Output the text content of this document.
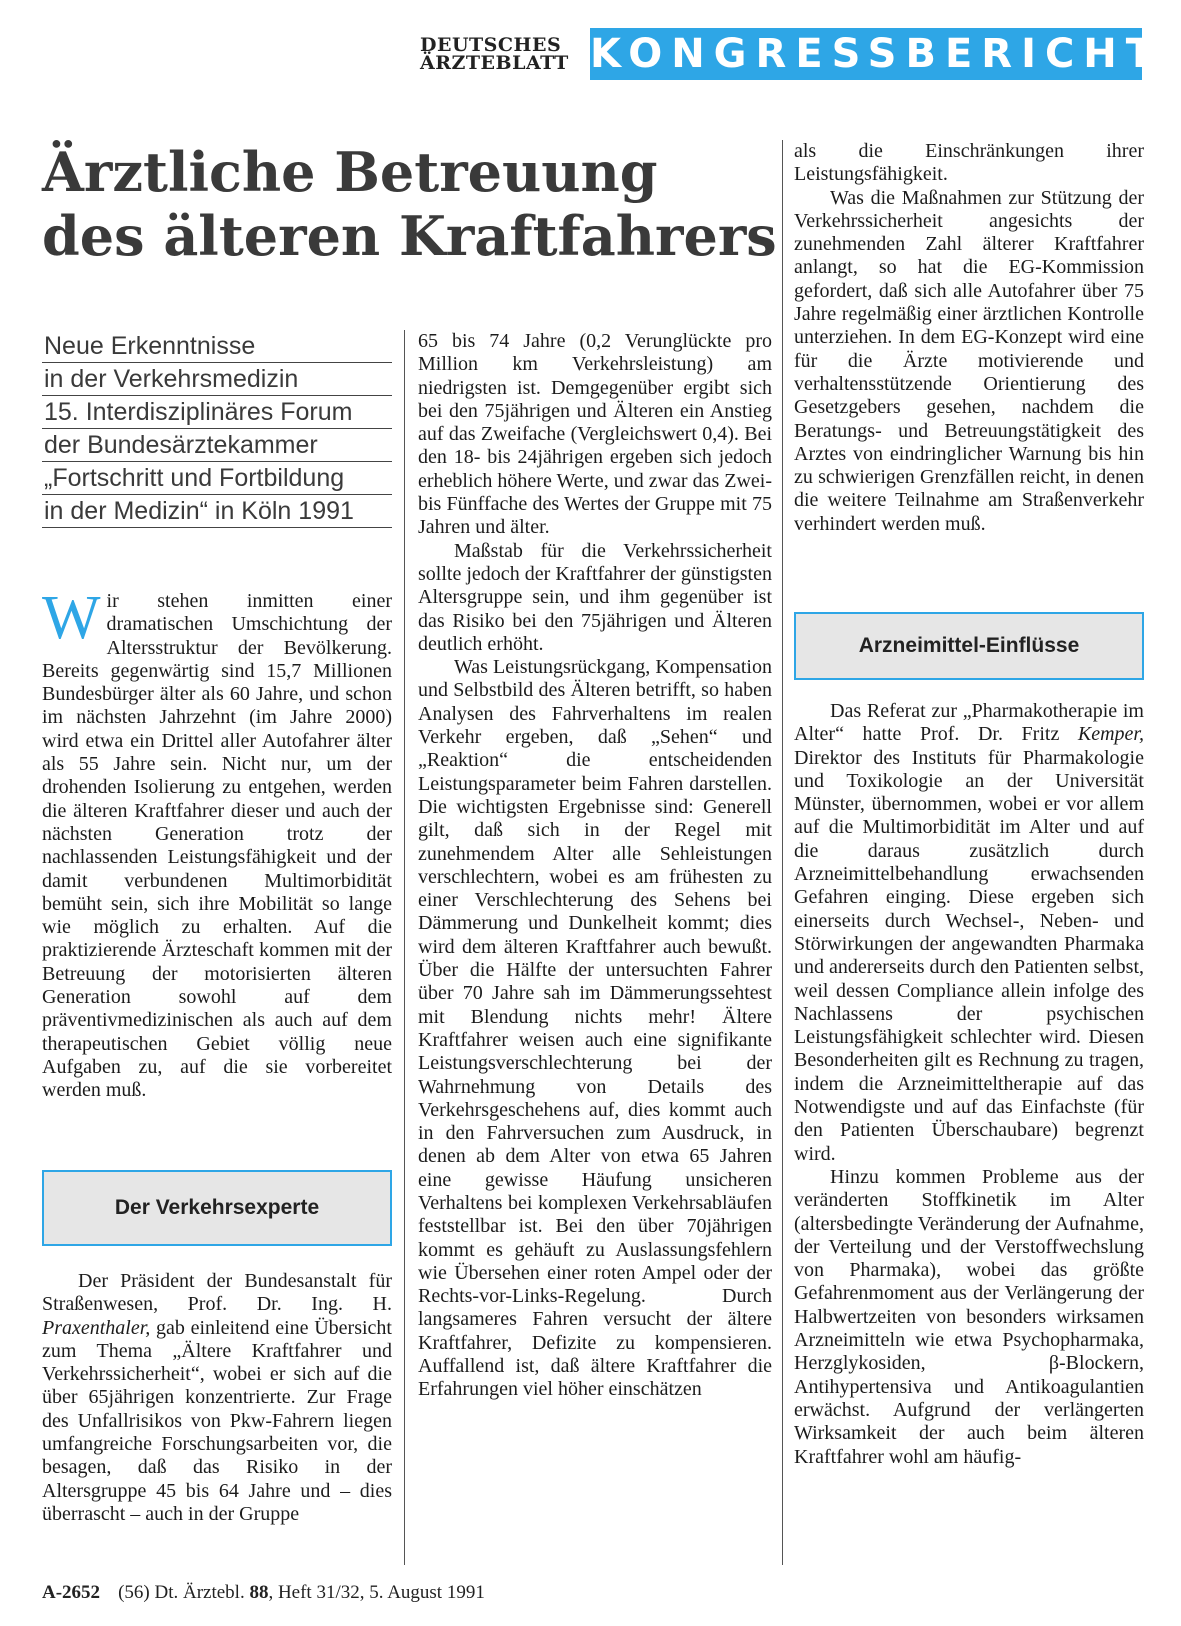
DEUTSCHES
ÄRZTEBLATT KONGRESSBERICHT
Ärztliche Betreuung
des älteren Kraftfahrers
Neue Erkenntnisse
in der Verkehrsmedizin
15. Interdisziplinäres Forum
der Bundesärztekammer
„Fortschritt und Fortbildung
in der Medizin“ in Köln 1991

Wir stehen inmitten einer dramatischen Umschichtung der Altersstruktur der Bevölkerung. Bereits gegenwärtig sind 15,7 Millionen Bundesbürger älter als 60 Jahre, und schon im nächsten Jahrzehnt (im Jahre 2000) wird etwa ein Drittel aller Autofahrer älter als 55 Jahre sein. Nicht nur, um der drohenden Isolierung zu entgehen, werden die älteren Kraftfahrer dieser und auch der nächsten Generation trotz der nachlassenden Leistungsfähigkeit und der damit verbundenen Multimorbidität bemüht sein, sich ihre Mobilität so lange wie möglich zu erhalten. Auf die praktizierende Ärzteschaft kommen mit der Betreuung der motorisierten älteren Generation sowohl auf dem präventivmedizinischen als auch auf dem therapeutischen Gebiet völlig neue Aufgaben zu, auf die sie vorbereitet werden muß.

Der Verkehrsexperte

Der Präsident der Bundesanstalt für Straßenwesen, Prof. Dr. Ing. H. Praxenthaler, gab einleitend eine Übersicht zum Thema „Ältere Kraftfahrer und Verkehrssicherheit“, wobei er sich auf die über 65jährigen konzentrierte. Zur Frage des Unfallrisikos von Pkw-Fahrern liegen umfangreiche Forschungsarbeiten vor, die besagen, daß das Risiko in der Altersgruppe 45 bis 64 Jahre und – dies überrascht – auch in der Gruppe

65 bis 74 Jahre (0,2 Verunglückte pro Million km Verkehrsleistung) am niedrigsten ist. Demgegenüber ergibt sich bei den 75jährigen und Älteren ein Anstieg auf das Zweifache (Vergleichswert 0,4). Bei den 18- bis 24jährigen ergeben sich jedoch erheblich höhere Werte, und zwar das Zwei- bis Fünffache des Wertes der Gruppe mit 75 Jahren und älter.

Maßstab für die Verkehrssicherheit sollte jedoch der Kraftfahrer der günstigsten Altersgruppe sein, und ihm gegenüber ist das Risiko bei den 75jährigen und Älteren deutlich erhöht.

Was Leistungsrückgang, Kompensation und Selbstbild des Älteren betrifft, so haben Analysen des Fahrverhaltens im realen Verkehr ergeben, daß „Sehen“ und „Reaktion“ die entscheidenden Leistungsparameter beim Fahren darstellen. Die wichtigsten Ergebnisse sind: Generell gilt, daß sich in der Regel mit zunehmendem Alter alle Sehleistungen verschlechtern, wobei es am frühesten zu einer Verschlechterung des Sehens bei Dämmerung und Dunkelheit kommt; dies wird dem älteren Kraftfahrer auch bewußt. Über die Hälfte der untersuchten Fahrer über 70 Jahre sah im Dämmerungssehtest mit Blendung nichts mehr! Ältere Kraftfahrer weisen auch eine signifikante Leistungsverschlechterung bei der Wahrnehmung von Details des Verkehrsgeschehens auf, dies kommt auch in den Fahrversuchen zum Ausdruck, in denen ab dem Alter von etwa 65 Jahren eine gewisse Häufung unsicheren Verhaltens bei komplexen Verkehrsabläufen feststellbar ist. Bei den über 70jährigen kommt es gehäuft zu Auslassungsfehlern wie Übersehen einer roten Ampel oder der Rechts-vor-Links-Regelung. Durch langsameres Fahren versucht der ältere Kraftfahrer, Defizite zu kompensieren. Auffallend ist, daß ältere Kraftfahrer die Erfahrungen viel höher einschätzen

als die Einschränkungen ihrer Leistungsfähigkeit.

Was die Maßnahmen zur Stützung der Verkehrssicherheit angesichts der zunehmenden Zahl älterer Kraftfahrer anlangt, so hat die EG-Kommission gefordert, daß sich alle Autofahrer über 75 Jahre regelmäßig einer ärztlichen Kontrolle unterziehen. In dem EG-Konzept wird eine für die Ärzte motivierende und verhaltensstützende Orientierung des Gesetzgebers gesehen, nachdem die Beratungs- und Betreuungstätigkeit des Arztes von eindringlicher Warnung bis hin zu schwierigen Grenzfällen reicht, in denen die weitere Teilnahme am Straßenverkehr verhindert werden muß.

Arzneimittel-Einflüsse

Das Referat zur „Pharmakotherapie im Alter“ hatte Prof. Dr. Fritz Kemper, Direktor des Instituts für Pharmakologie und Toxikologie an der Universität Münster, übernommen, wobei er vor allem auf die Multimorbidität im Alter und auf die daraus zusätzlich durch Arzneimittelbehandlung erwachsenden Gefahren einging. Diese ergeben sich einerseits durch Wechsel-, Neben- und Störwirkungen der angewandten Pharmaka und andererseits durch den Patienten selbst, weil dessen Compliance allein infolge des Nachlassens der psychischen Leistungsfähigkeit schlechter wird. Diesen Besonderheiten gilt es Rechnung zu tragen, indem die Arzneimitteltherapie auf das Notwendigste und auf das Einfachste (für den Patienten Überschaubare) begrenzt wird.

Hinzu kommen Probleme aus der veränderten Stoffkinetik im Alter (altersbedingte Veränderung der Aufnahme, der Verteilung und der Verstoffwechslung von Pharmaka), wobei das größte Gefahrenmoment aus der Verlängerung der Halbwertzeiten von besonders wirksamen Arzneimitteln wie etwa Psychopharmaka, Herzglykosiden, β-Blockern, Antihypertensiva und Antikoagulantien erwächst. Aufgrund der verlängerten Wirksamkeit der auch beim älteren Kraftfahrer wohl am häufig-

A-2652 (56) Dt. Ärztebl. 88, Heft 31/32, 5. August 1991
